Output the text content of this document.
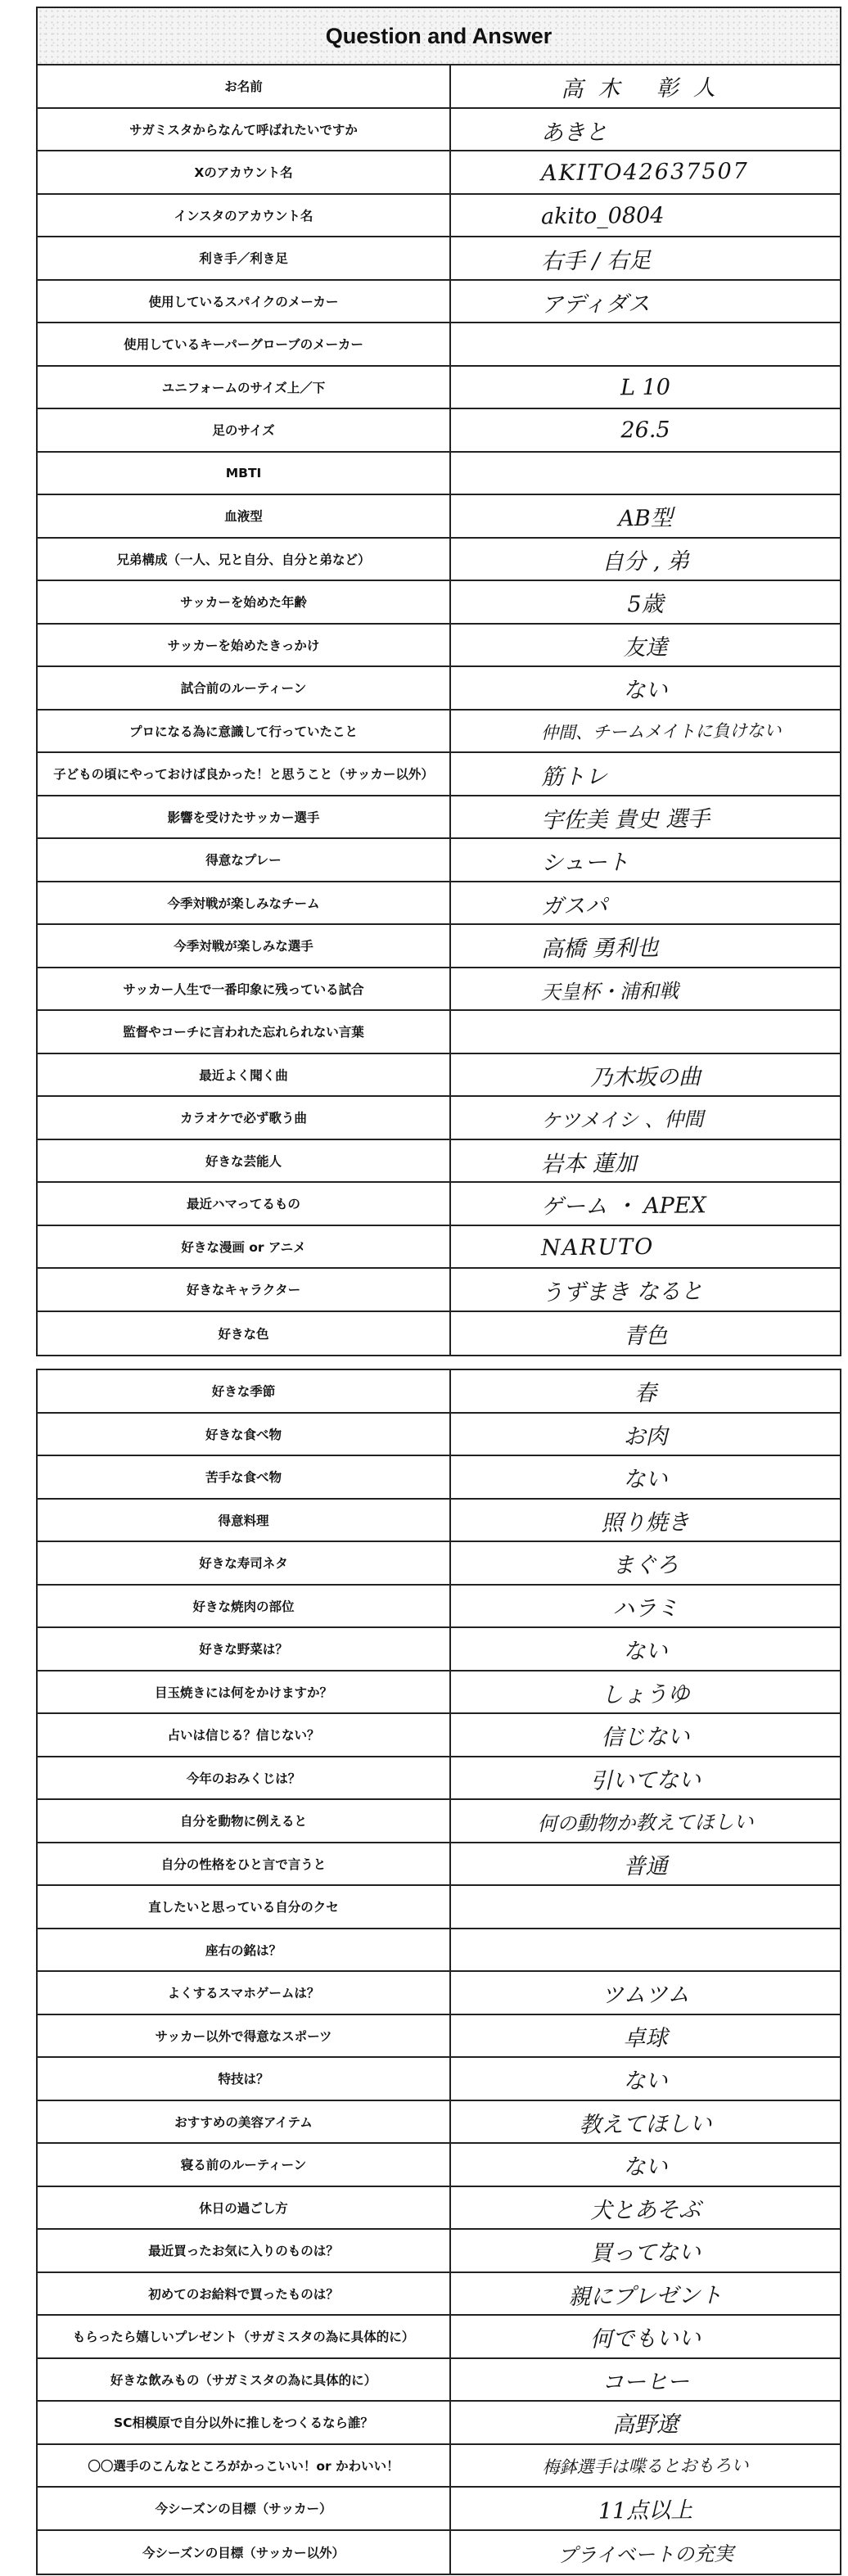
Question and Answer
お名前	高木 彰人
サガミスタからなんて呼ばれたいですか	あきと
Xのアカウント名	AKITO42637507
インスタのアカウント名	akito_0804
利き手／利き足	右手 / 右足
使用しているスパイクのメーカー	アディダス
使用しているキーパーグローブのメーカー
ユニフォームのサイズ上／下	L 10
足のサイズ	26.5
MBTI
血液型	AB型
兄弟構成（一人、兄と自分、自分と弟など）	自分 , 弟
サッカーを始めた年齢	5歳
サッカーを始めたきっかけ	友達
試合前のルーティーン	ない
プロになる為に意識して行っていたこと	仲間、チームメイトに負けない
子どもの頃にやっておけば良かった！と思うこと（サッカー以外）	筋トレ
影響を受けたサッカー選手	宇佐美 貴史 選手
得意なプレー	シュート
今季対戦が楽しみなチーム	ガスパ
今季対戦が楽しみな選手	高橋 勇利也
サッカー人生で一番印象に残っている試合	天皇杯・浦和戦
監督やコーチに言われた忘れられない言葉
最近よく聞く曲	乃木坂の曲
カラオケで必ず歌う曲	ケツメイシ 、仲間
好きな芸能人	岩本 蓮加
最近ハマってるもの	ゲーム ・ APEX
好きな漫画 or アニメ	NARUTO
好きなキャラクター	うずまき なると
好きな色	青色
好きな季節	春
好きな食べ物	お肉
苦手な食べ物	ない
得意料理	照り焼き
好きな寿司ネタ	まぐろ
好きな焼肉の部位	ハラミ
好きな野菜は？	ない
目玉焼きには何をかけますか？	しょうゆ
占いは信じる？信じない？	信じない
今年のおみくじは？	引いてない
自分を動物に例えると	何の動物か教えてほしい
自分の性格をひと言で言うと	普通
直したいと思っている自分のクセ
座右の銘は？
よくするスマホゲームは？	ツムツム
サッカー以外で得意なスポーツ	卓球
特技は？	ない
おすすめの美容アイテム	教えてほしい
寝る前のルーティーン	ない
休日の過ごし方	犬とあそぶ
最近買ったお気に入りのものは？	買ってない
初めてのお給料で買ったものは？	親にプレゼント
もらったら嬉しいプレゼント（サガミスタの為に具体的に）	何でもいい
好きな飲みもの（サガミスタの為に具体的に）	コーヒー
SC相模原で自分以外に推しをつくるなら誰？	高野遼
〇〇選手のこんなところがかっこいい！or かわいい！	梅鉢選手は喋るとおもろい
今シーズンの目標（サッカー）	11点以上
今シーズンの目標（サッカー以外）	プライベートの充実
